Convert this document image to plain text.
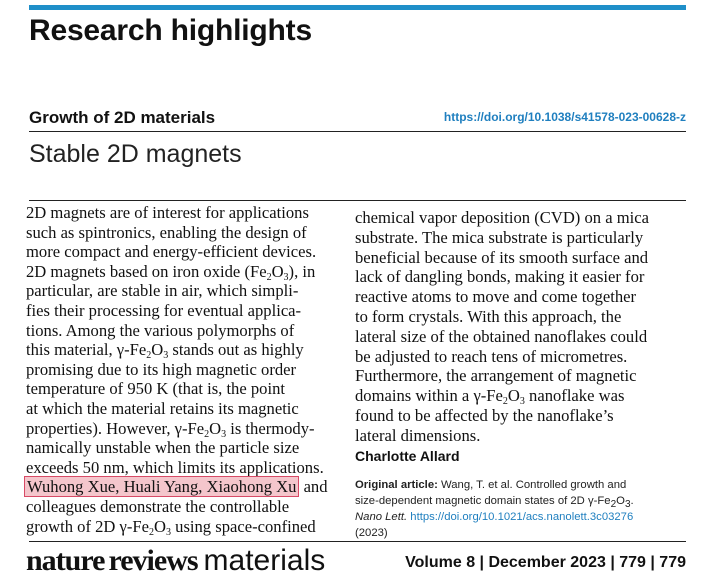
Research highlights
Growth of 2D materials	https://doi.org/10.1038/s41578-023-00628-z
Stable 2D magnets
2D magnets are of interest for applications
such as spintronics, enabling the design of
more compact and energy-efficient devices.
2D magnets based on iron oxide $(Fe_2O_3)$, in
particular, are stable in air, which simpli-
fies their processing for eventual applica-
tions. Among the various polymorphs of
this material, $\gamma-Fe_2O_3$ stands out as highly
promising due to its high magnetic order
temperature of 950 K (that is, the point
at which the material retains its magnetic
properties). However, $\gamma-Fe_2O_3$ is thermody-
namically unstable when the particle size
exceeds 50 nm, which limits its applications.
Wuhong Xue, Huali Yang, Xiaohong Xu and
colleagues demonstrate the controllable
growth of 2D $\gamma-Fe_2O_3$ using space-confined
chemical vapor deposition (CVD) on a mica
substrate. The mica substrate is particularly
beneficial because of its smooth surface and
lack of dangling bonds, making it easier for
reactive atoms to move and come together
to form crystals. With this approach, the
lateral size of the obtained nanoflakes could
be adjusted to reach tens of micrometres.
Furthermore, the arrangement of magnetic
domains within a $\gamma-Fe_2O_3$ nanoflake was
found to be affected by the nanoflake’s
lateral dimensions.
Charlotte Allard
Original article: Wang, T. et al. Controlled growth and
size-dependent magnetic domain states of 2D $\gamma-Fe_2O_3$.
Nano Lett. https://doi.org/10.1021/acs.nanolett.3c03276
(2023)
nature reviews materials	Volume 8 | December 2023 | 779 | 779
